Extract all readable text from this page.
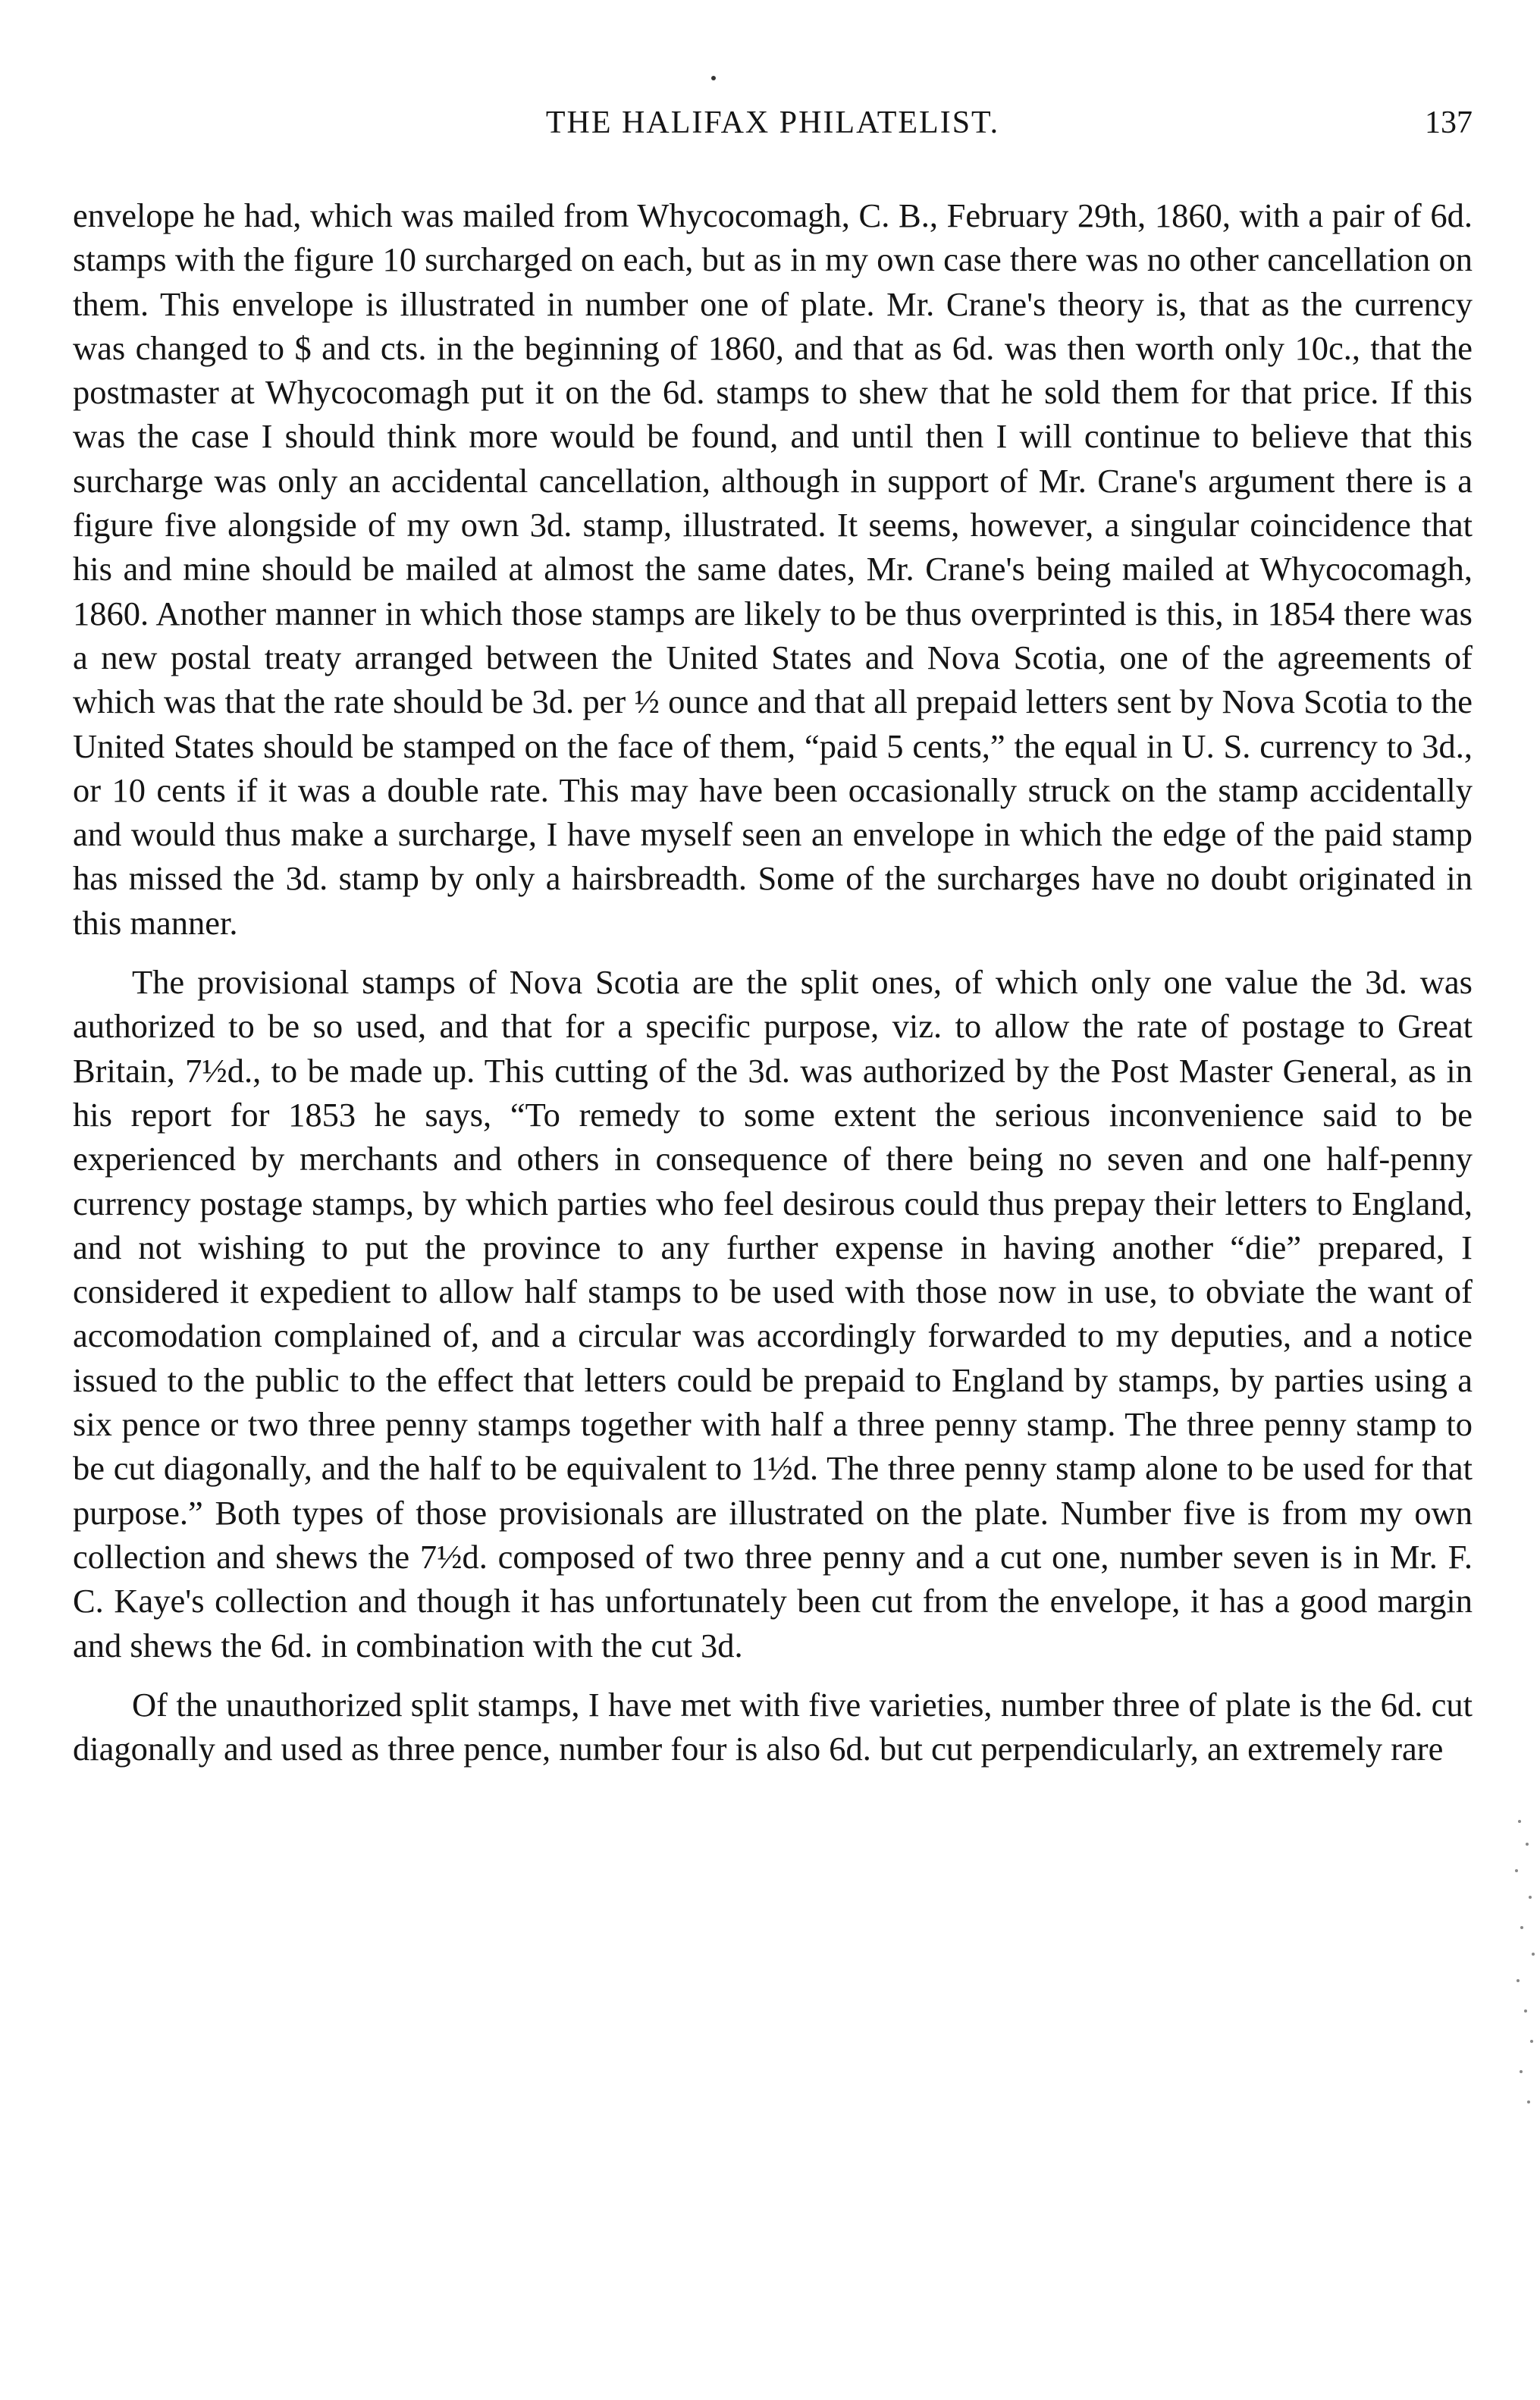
THE HALIFAX PHILATELIST.	137

envelope he had, which was mailed from Whycocomagh, C. B., February 29th, 1860, with a pair of 6d. stamps with the figure 10 surcharged on each, but as in my own case there was no other cancellation on them. This envelope is illustrated in number one of plate. Mr. Crane's theory is, that as the currency was changed to $ and cts. in the beginning of 1860, and that as 6d. was then worth only 10c., that the postmaster at Whycocomagh put it on the 6d. stamps to shew that he sold them for that price. If this was the case I should think more would be found, and until then I will continue to believe that this surcharge was only an accidental cancellation, although in support of Mr. Crane's argument there is a figure five alongside of my own 3d. stamp, illustrated. It seems, however, a singular coincidence that his and mine should be mailed at almost the same dates, Mr. Crane's being mailed at Whycocomagh, 1860. Another manner in which those stamps are likely to be thus overprinted is this, in 1854 there was a new postal treaty arranged between the United States and Nova Scotia, one of the agreements of which was that the rate should be 3d. per ½ ounce and that all prepaid letters sent by Nova Scotia to the United States should be stamped on the face of them, “paid 5 cents,” the equal in U. S. currency to 3d., or 10 cents if it was a double rate. This may have been occasionally struck on the stamp accidentally and would thus make a surcharge, I have myself seen an envelope in which the edge of the paid stamp has missed the 3d. stamp by only a hairsbreadth. Some of the surcharges have no doubt originated in this manner.

The provisional stamps of Nova Scotia are the split ones, of which only one value the 3d. was authorized to be so used, and that for a specific purpose, viz. to allow the rate of postage to Great Britain, 7½d., to be made up. This cutting of the 3d. was authorized by the Post Master General, as in his report for 1853 he says, “To remedy to some extent the serious inconvenience said to be experienced by merchants and others in consequence of there being no seven and one half-penny currency postage stamps, by which parties who feel desirous could thus prepay their letters to England, and not wishing to put the province to any further expense in having another “die” prepared, I considered it expedient to allow half stamps to be used with those now in use, to obviate the want of accomodation complained of, and a circular was accordingly forwarded to my deputies, and a notice issued to the public to the effect that letters could be prepaid to England by stamps, by parties using a six pence or two three penny stamps together with half a three penny stamp. The three penny stamp to be cut diagonally, and the half to be equivalent to 1½d. The three penny stamp alone to be used for that purpose.” Both types of those provisionals are illustrated on the plate. Number five is from my own collection and shews the 7½d. composed of two three penny and a cut one, number seven is in Mr. F. C. Kaye's collection and though it has unfortunately been cut from the envelope, it has a good margin and shews the 6d. in combination with the cut 3d.

Of the unauthorized split stamps, I have met with five varieties, number three of plate is the 6d. cut diagonally and used as three pence, number four is also 6d. but cut perpendicularly, an extremely rare
